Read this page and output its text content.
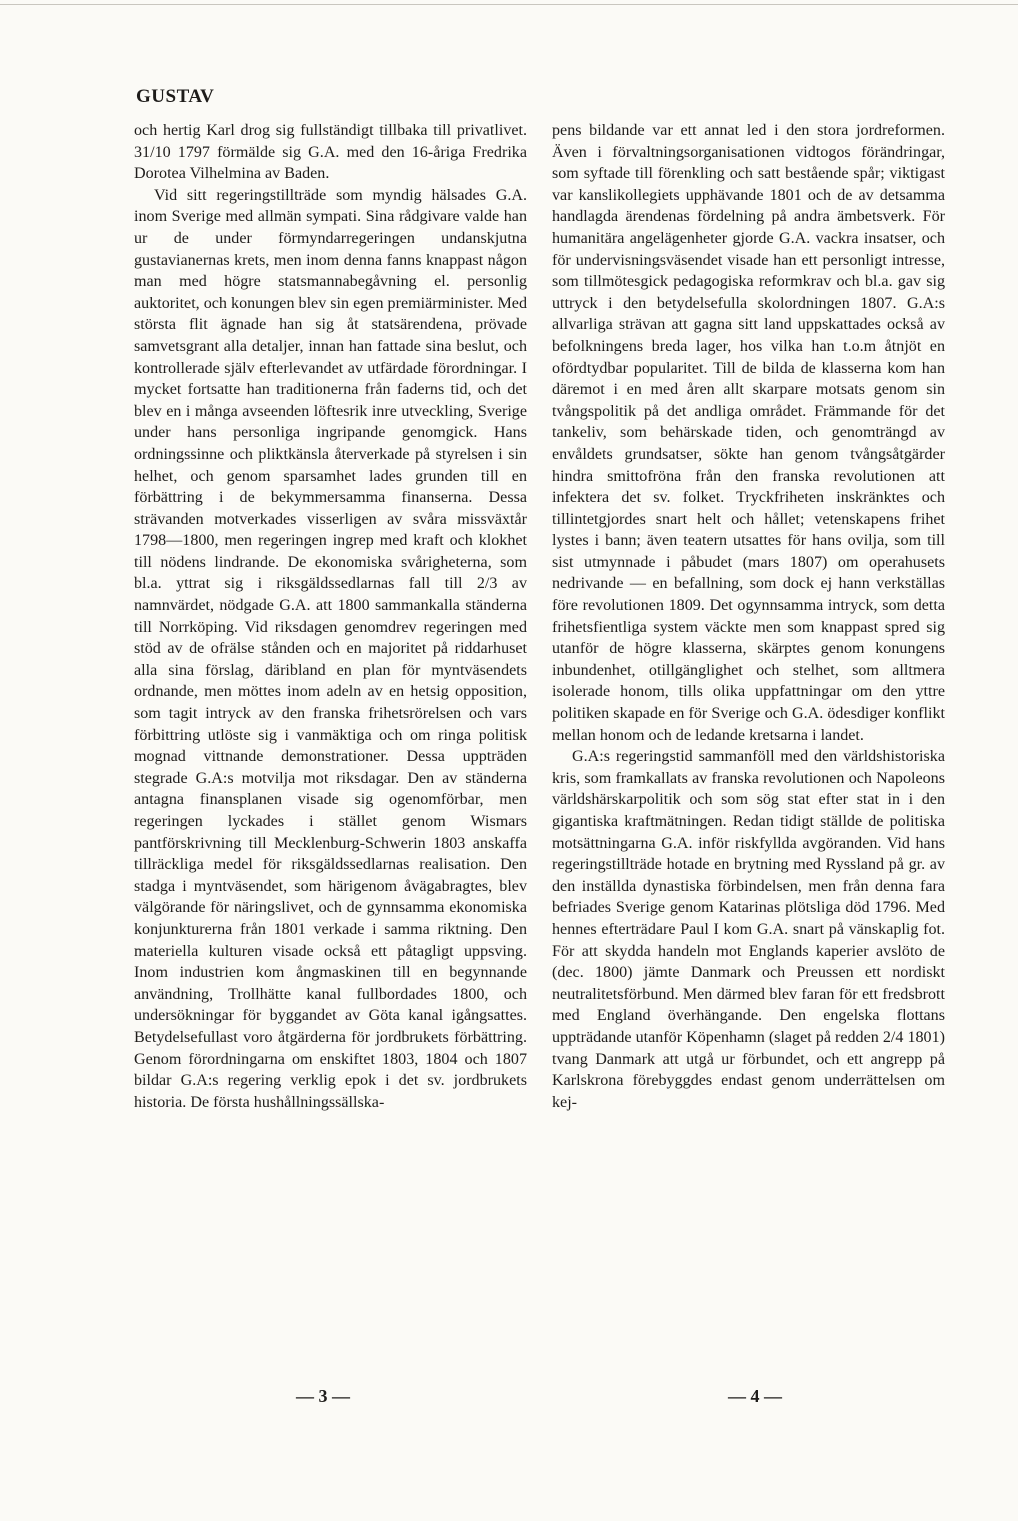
GUSTAV

och hertig Karl drog sig fullständigt tillbaka till privatlivet. 31/10 1797 förmälde sig G.A. med den 16-åriga Fredrika Dorotea Vilhelmina av Baden.

Vid sitt regeringstillträde som myndig hälsades G.A. inom Sverige med allmän sympati. Sina rådgivare valde han ur de under förmyndarregeringen undanskjutna gustavianernas krets, men inom denna fanns knappast någon man med högre statsmannabegåvning el. personlig auktoritet, och konungen blev sin egen premiärminister. Med största flit ägnade han sig åt statsärendena, prövade samvetsgrant alla detaljer, innan han fattade sina beslut, och kontrollerade själv efterlevandet av utfärdade förordningar. I mycket fortsatte han traditionerna från faderns tid, och det blev en i många avseenden löftesrik inre utveckling, Sverige under hans personliga ingripande genomgick. Hans ordningssinne och pliktkänsla återverkade på styrelsen i sin helhet, och genom sparsamhet lades grunden till en förbättring i de bekymmersamma finanserna. Dessa strävanden motverkades visserligen av svåra missväxtår 1798—1800, men regeringen ingrep med kraft och klokhet till nödens lindrande. De ekonomiska svårigheterna, som bl.a. yttrat sig i riksgäldssedlarnas fall till 2/3 av namnvärdet, nödgade G.A. att 1800 sammankalla ständerna till Norrköping. Vid riksdagen genomdrev regeringen med stöd av de ofrälse stånden och en majoritet på riddarhuset alla sina förslag, däribland en plan för myntväsendets ordnande, men möttes inom adeln av en hetsig opposition, som tagit intryck av den franska frihetsrörelsen och vars förbittring utlöste sig i vanmäktiga och om ringa politisk mognad vittnande demonstrationer. Dessa uppträden stegrade G.A:s motvilja mot riksdagar. Den av ständerna antagna finansplanen visade sig ogenomförbar, men regeringen lyckades i stället genom Wismars pantförskrivning till Mecklenburg-Schwerin 1803 anskaffa tillräckliga medel för riksgäldssedlarnas realisation. Den stadga i myntväsendet, som härigenom åvägabragtes, blev välgörande för näringslivet, och de gynnsamma ekonomiska konjunkturerna från 1801 verkade i samma riktning. Den materiella kulturen visade också ett påtagligt uppsving. Inom industrien kom ångmaskinen till en begynnande användning, Trollhätte kanal fullbordades 1800, och undersökningar för byggandet av Göta kanal igångsattes. Betydelsefullast voro åtgärderna för jordbrukets förbättring. Genom förordningarna om enskiftet 1803, 1804 och 1807 bildar G.A:s regering verklig epok i det sv. jordbrukets historia. De första hushållningssällska-

pens bildande var ett annat led i den stora jordreformen. Även i förvaltningsorganisationen vidtogos förändringar, som syftade till förenkling och satt bestående spår; viktigast var kanslikollegiets upphävande 1801 och de av detsamma handlagda ärendenas fördelning på andra ämbetsverk. För humanitära angelägenheter gjorde G.A. vackra insatser, och för undervisningsväsendet visade han ett personligt intresse, som tillmötesgick pedagogiska reformkrav och bl.a. gav sig uttryck i den betydelsefulla skolordningen 1807. G.A:s allvarliga strävan att gagna sitt land uppskattades också av befolkningens breda lager, hos vilka han t.o.m åtnjöt en ofördtydbar popularitet. Till de bilda de klasserna kom han däremot i en med åren allt skarpare motsats genom sin tvångspolitik på det andliga området. Främmande för det tankeliv, som behärskade tiden, och genomträngd av envåldets grundsatser, sökte han genom tvångsåtgärder hindra smittofröna från den franska revolutionen att infektera det sv. folket. Tryckfriheten inskränktes och tillintetgjordes snart helt och hållet; vetenskapens frihet lystes i bann; även teatern utsattes för hans ovilja, som till sist utmynnade i påbudet (mars 1807) om operahusets nedrivande — en befallning, som dock ej hann verkställas före revolutionen 1809. Det ogynnsamma intryck, som detta frihetsfientliga system väckte men som knappast spred sig utanför de högre klasserna, skärptes genom konungens inbundenhet, otillgänglighet och stelhet, som alltmera isolerade honom, tills olika uppfattningar om den yttre politiken skapade en för Sverige och G.A. ödesdiger konflikt mellan honom och de ledande kretsarna i landet.

G.A:s regeringstid sammanföll med den världshistoriska kris, som framkallats av franska revolutionen och Napoleons världshärskarpolitik och som sög stat efter stat in i den gigantiska kraftmätningen. Redan tidigt ställde de politiska motsättningarna G.A. inför riskfyllda avgöranden. Vid hans regeringstillträde hotade en brytning med Ryssland på gr. av den inställda dynastiska förbindelsen, men från denna fara befriades Sverige genom Katarinas plötsliga död 1796. Med hennes efterträdare Paul I kom G.A. snart på vänskaplig fot. För att skydda handeln mot Englands kaperier avslöto de (dec. 1800) jämte Danmark och Preussen ett nordiskt neutralitetsförbund. Men därmed blev faran för ett fredsbrott med England överhängande. Den engelska flottans uppträdande utanför Köpenhamn (slaget på redden 2/4 1801) tvang Danmark att utgå ur förbundet, och ett angrepp på Karlskrona förebyggdes endast genom underrättelsen om kej-

— 3 —	— 4 —
